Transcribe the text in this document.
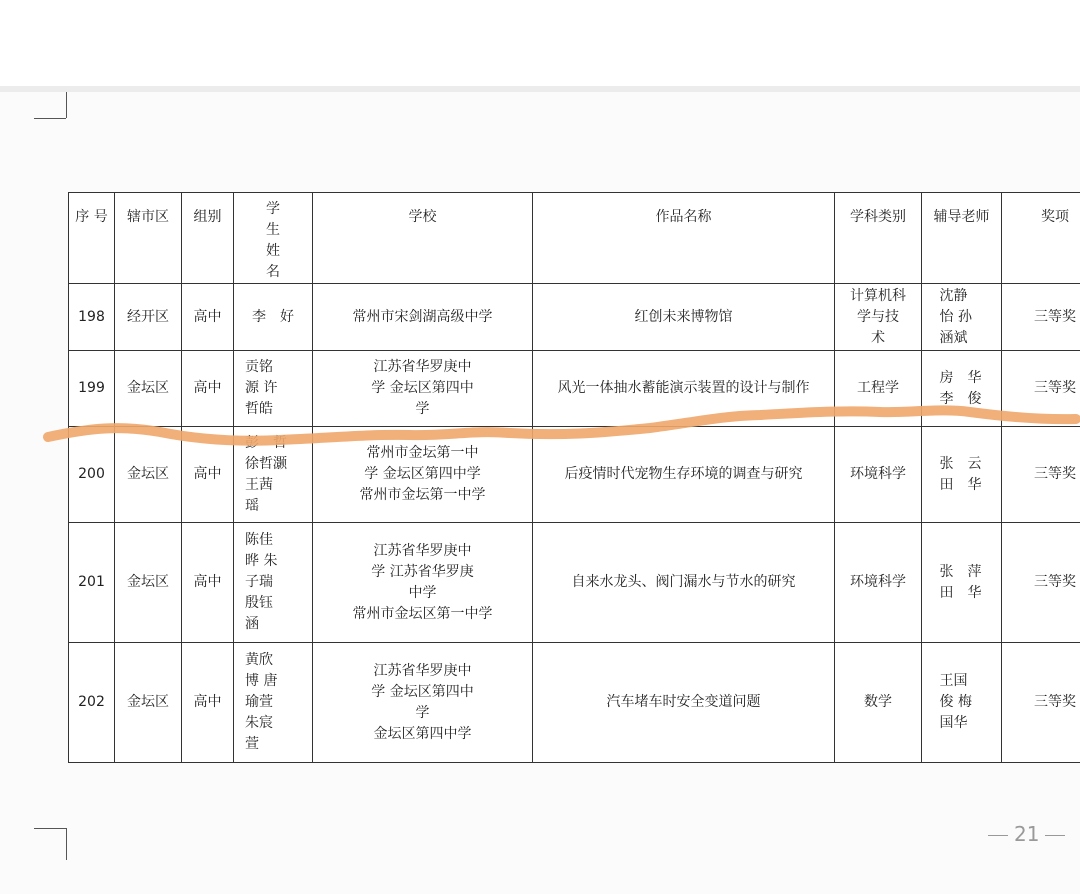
序 号	辖市区	组别	学
生
姓
名	学校	作品名称	学科类别	辅导老师	奖项
198	经开区	高中	李　好	常州市宋剑湖高级中学	红创未来博物馆	计算机科
学与技
术	沈静
怡 孙
涵斌	三等奖
199	金坛区	高中	贡铭
源 许
哲皓	江苏省华罗庚中
学 金坛区第四中
学	风光一体抽水蓄能演示装置的设计与制作	工程学	房　华
李　俊	三等奖
200	金坛区	高中	彭　哲
徐哲灏
王茜
瑶	常州市金坛第一中
学 金坛区第四中学
常州市金坛第一中学	后疫情时代宠物生存环境的调查与研究	环境科学	张　云
田　华	三等奖
201	金坛区	高中	陈佳
晔 朱
子瑞
殷钰
涵	江苏省华罗庚中
学 江苏省华罗庚
中学
常州市金坛区第一中学	自来水龙头、阀门漏水与节水的研究	环境科学	张　萍
田　华	三等奖
202	金坛区	高中	黄欣
博 唐
瑜萱
朱宸
萱	江苏省华罗庚中
学 金坛区第四中
学
金坛区第四中学	汽车堵车时安全变道问题	数学	王国
俊 梅
国华	三等奖
21
